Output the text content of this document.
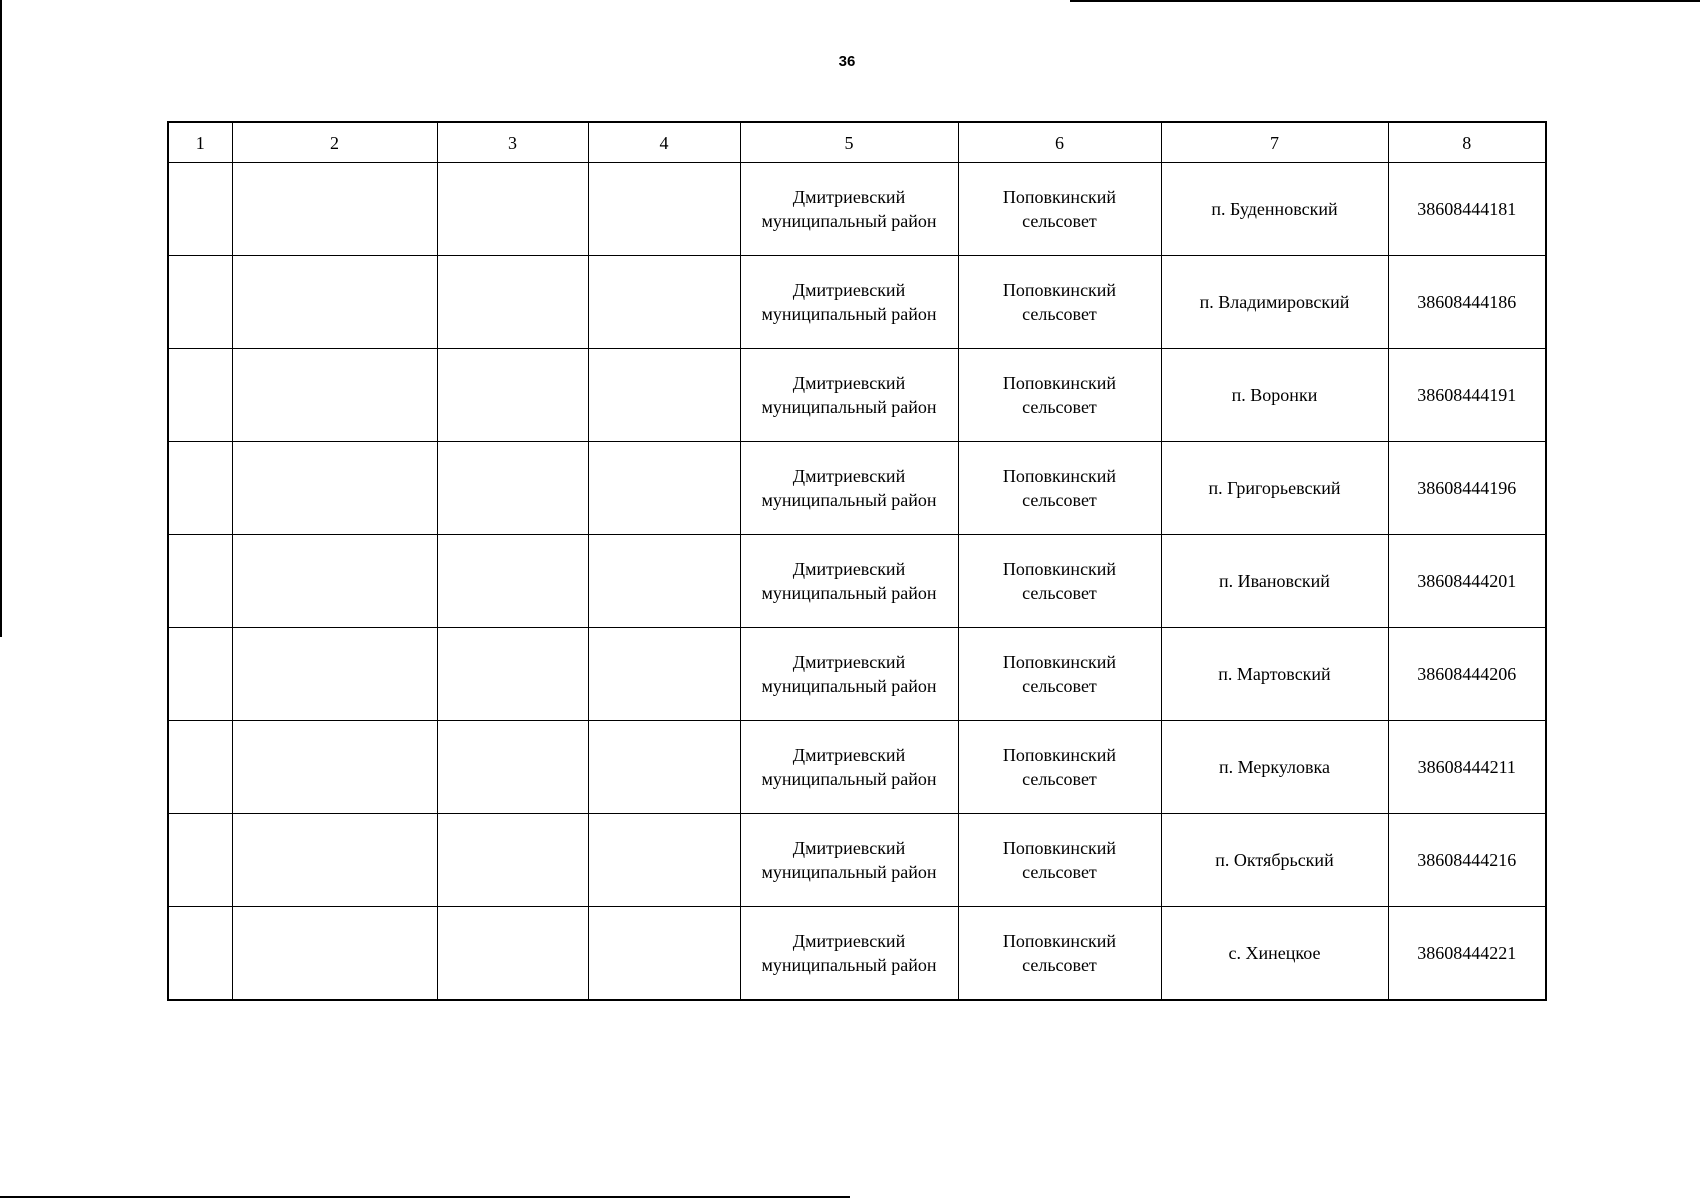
36
1	2	3	4	5	6	7	8
				Дмитриевский муниципальный район	Поповкинский сельсовет	п. Буденновский	38608444181
				Дмитриевский муниципальный район	Поповкинский сельсовет	п. Владимировский	38608444186
				Дмитриевский муниципальный район	Поповкинский сельсовет	п. Воронки	38608444191
				Дмитриевский муниципальный район	Поповкинский сельсовет	п. Григорьевский	38608444196
				Дмитриевский муниципальный район	Поповкинский сельсовет	п. Ивановский	38608444201
				Дмитриевский муниципальный район	Поповкинский сельсовет	п. Мартовский	38608444206
				Дмитриевский муниципальный район	Поповкинский сельсовет	п. Меркуловка	38608444211
				Дмитриевский муниципальный район	Поповкинский сельсовет	п. Октябрьский	38608444216
				Дмитриевский муниципальный район	Поповкинский сельсовет	с. Хинецкое	38608444221
